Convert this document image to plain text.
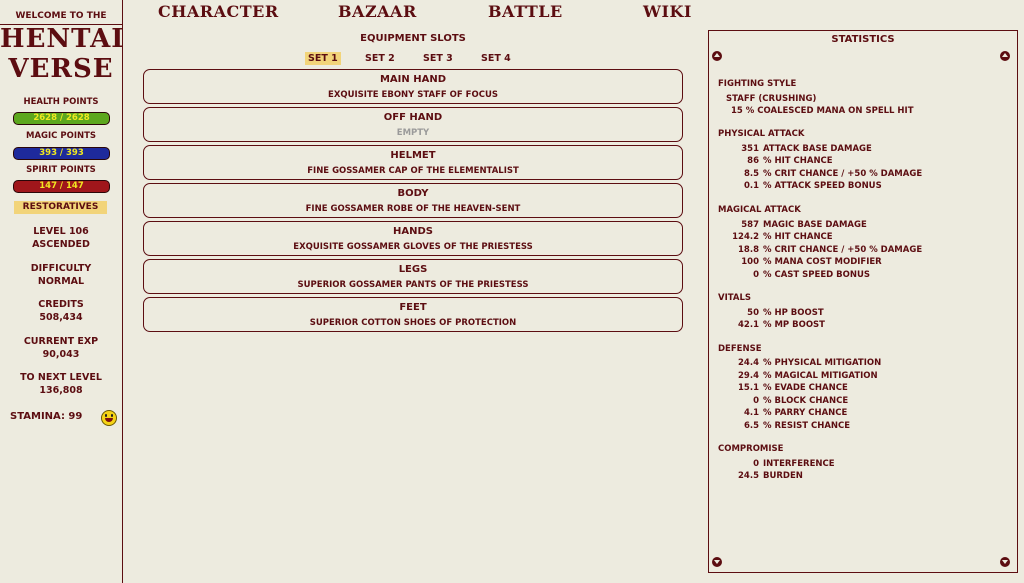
WELCOME TO THE
HENTAI
VERSE
HEALTH POINTS
2628 / 2628
MAGIC POINTS
393 / 393
SPIRIT POINTS
147 / 147
RESTORATIVES
LEVEL 106
ASCENDED
DIFFICULTY
NORMAL
CREDITS
508,434
CURRENT EXP
90,043
TO NEXT LEVEL
136,808
STAMINA: 99
CHARACTER	BAZAAR	BATTLE	WIKI
EQUIPMENT SLOTS
SET 1	SET 2	SET 3	SET 4
MAIN HAND
EXQUISITE EBONY STAFF OF FOCUS
OFF HAND
EMPTY
HELMET
FINE GOSSAMER CAP OF THE ELEMENTALIST
BODY
FINE GOSSAMER ROBE OF THE HEAVEN-SENT
HANDS
EXQUISITE GOSSAMER GLOVES OF THE PRIESTESS
LEGS
SUPERIOR GOSSAMER PANTS OF THE PRIESTESS
FEET
SUPERIOR COTTON SHOES OF PROTECTION
STATISTICS
FIGHTING STYLE
STAFF (CRUSHING)
15 % COALESCED MANA ON SPELL HIT
PHYSICAL ATTACK
351 ATTACK BASE DAMAGE
86 % HIT CHANCE
8.5 % CRIT CHANCE / +50 % DAMAGE
0.1 % ATTACK SPEED BONUS
MAGICAL ATTACK
587 MAGIC BASE DAMAGE
124.2 % HIT CHANCE
18.8 % CRIT CHANCE / +50 % DAMAGE
100 % MANA COST MODIFIER
0 % CAST SPEED BONUS
VITALS
50 % HP BOOST
42.1 % MP BOOST
DEFENSE
24.4 % PHYSICAL MITIGATION
29.4 % MAGICAL MITIGATION
15.1 % EVADE CHANCE
0 % BLOCK CHANCE
4.1 % PARRY CHANCE
6.5 % RESIST CHANCE
COMPROMISE
0 INTERFERENCE
24.5 BURDEN
